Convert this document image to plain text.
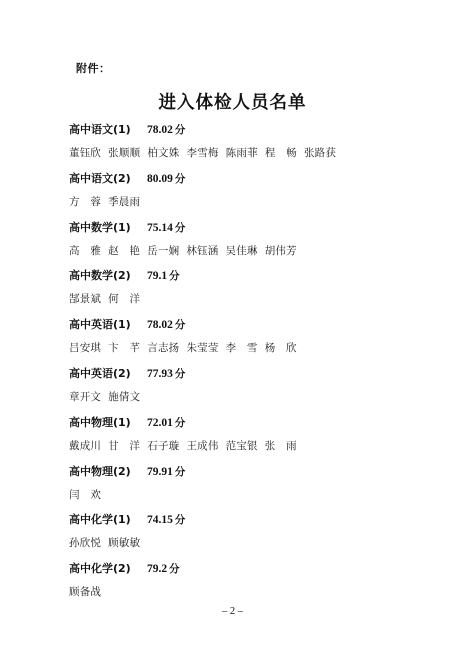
附件：
进入体检人员名单
高中语文(1) 78.02 分
董钰欣  张顺顺  柏文姝  李雪梅  陈雨菲  程   畅  张路获
高中语文(2) 80.09 分
方   蓉  季晨雨
高中数学(1) 75.14 分
高   雅  赵   艳  岳一娴  林钰涵  吴佳琳  胡伟芳
高中数学(2) 79.1 分
郜景斌  何   洋
高中英语(1) 78.02 分
吕安琪  卞   芊  言志扬  朱莹莹  李   雪  杨   欣
高中英语(2) 77.93 分
章开文  施倩文
高中物理(1) 72.01 分
戴成川  甘   洋  石子璇  王成伟  范宝银  张   雨
高中物理(2) 79.91 分
闫   欢
高中化学(1) 74.15 分
孙欣悦  顾敏敏
高中化学(2) 79.2 分
顾备战
– 2 –
